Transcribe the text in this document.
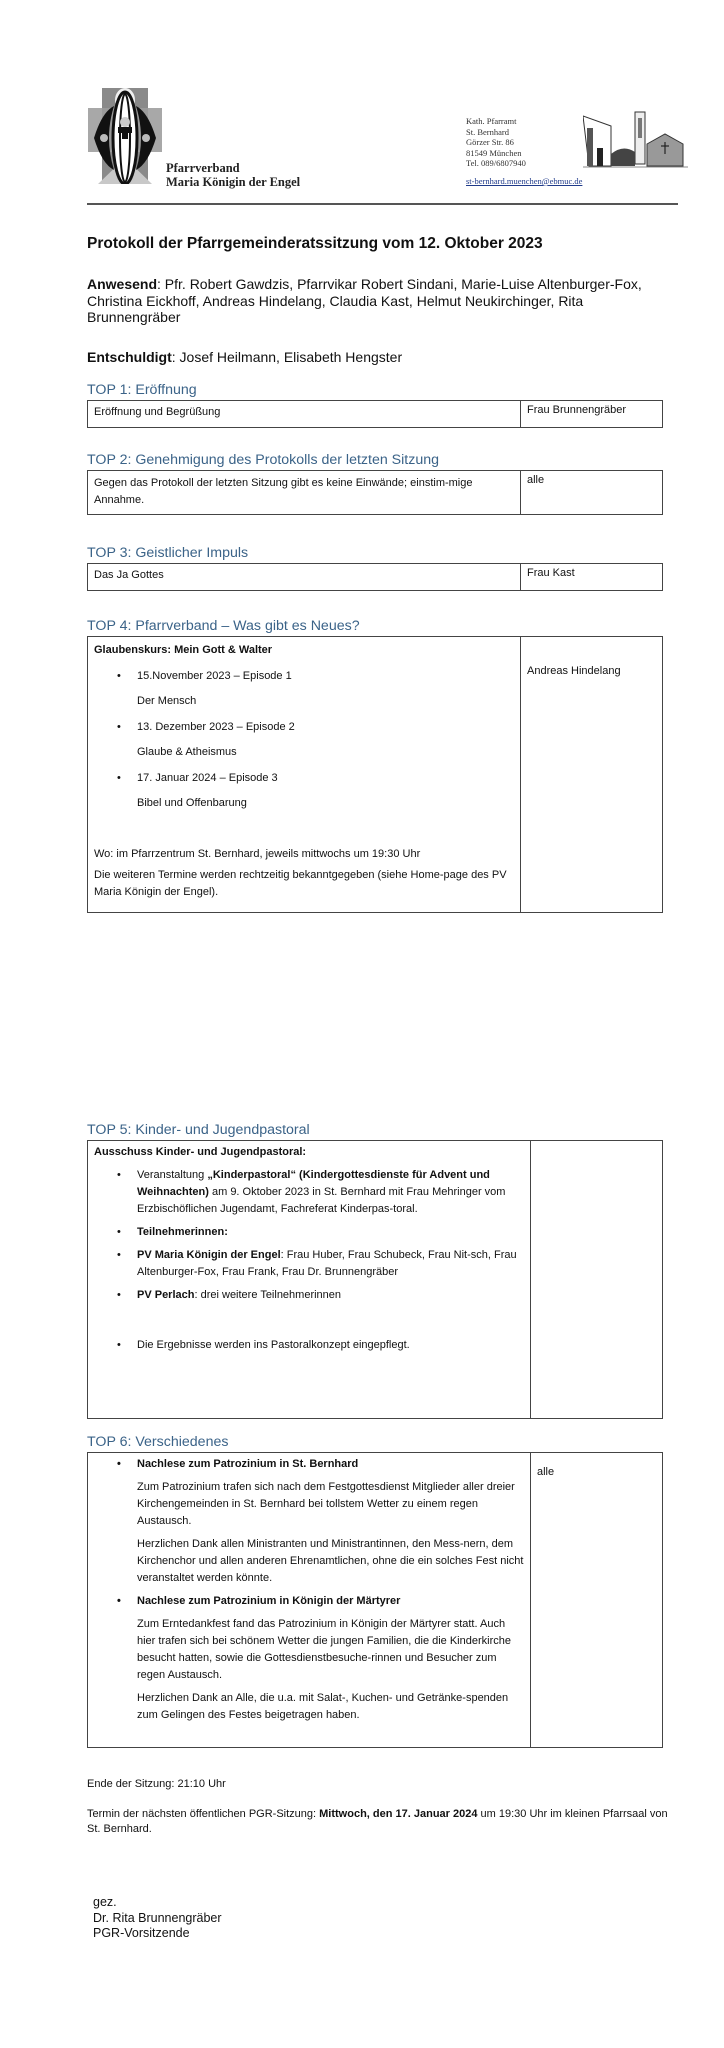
Pfarrverband
Maria Königin der Engel
Kath. Pfarramt
St. Bernhard
Görzer Str. 86
81549 München
Tel. 089/6807940
st-bernhard.muenchen@ebmuc.de
Protokoll der Pfarrgemeinderatssitzung vom 12. Oktober 2023
Anwesend: Pfr. Robert Gawdzis, Pfarrvikar Robert Sindani, Marie-Luise Altenburger-Fox, Christina Eickhoff, Andreas Hindelang, Claudia Kast, Helmut Neukirchinger, Rita Brunnengräber
Entschuldigt: Josef Heilmann, Elisabeth Hengster
TOP 1: Eröffnung
Eröffnung und Begrüßung	Frau Brunnengräber
TOP 2: Genehmigung des Protokolls der letzten Sitzung
Gegen das Protokoll der letzten Sitzung gibt es keine Einwände; einstim-mige Annahme.	alle
TOP 3: Geistlicher Impuls
Das Ja Gottes	Frau Kast
TOP 4: Pfarrverband – Was gibt es Neues?
Glaubenskurs: Mein Gott & Walter
• 15.November 2023 – Episode 1
Der Mensch
• 13. Dezember 2023 – Episode 2
Glaube & Atheismus
• 17. Januar 2024 – Episode 3
Bibel und Offenbarung
Wo: im Pfarrzentrum St. Bernhard, jeweils mittwochs um 19:30 Uhr
Die weiteren Termine werden rechtzeitig bekanntgegeben (siehe Home-page des PV Maria Königin der Engel).
	Andreas Hindelang
TOP 5: Kinder- und Jugendpastoral
Ausschuss Kinder- und Jugendpastoral:
• Veranstaltung „Kinderpastoral“ (Kindergottesdienste für Advent und Weihnachten) am 9. Oktober 2023 in St. Bernhard mit Frau Mehringer vom Erzbischöflichen Jugendamt, Fachreferat Kinderpas-toral.
• Teilnehmerinnen:
• PV Maria Königin der Engel: Frau Huber, Frau Schubeck, Frau Nit-sch, Frau Altenburger-Fox, Frau Frank, Frau Dr. Brunnengräber
• PV Perlach: drei weitere Teilnehmerinnen
• Die Ergebnisse werden ins Pastoralkonzept eingepflegt.

TOP 6: Verschiedenes
• Nachlese zum Patrozinium in St. Bernhard
Zum Patrozinium trafen sich nach dem Festgottesdienst Mitglieder aller dreier Kirchengemeinden in St. Bernhard bei tollstem Wetter zu einem regen Austausch.
Herzlichen Dank allen Ministranten und Ministrantinnen, den Mess-nern, dem Kirchenchor und allen anderen Ehrenamtlichen, ohne die ein solches Fest nicht veranstaltet werden könnte.
• Nachlese zum Patrozinium in Königin der Märtyrer
Zum Erntedankfest fand das Patrozinium in Königin der Märtyrer statt. Auch hier trafen sich bei schönem Wetter die jungen Familien, die die Kinderkirche besucht hatten, sowie die Gottesdienstbesuche-rinnen und Besucher zum regen Austausch.
Herzlichen Dank an Alle, die u.a. mit Salat-, Kuchen- und Getränke-spenden zum Gelingen des Festes beigetragen haben.
	alle
Ende der Sitzung: 21:10 Uhr
Termin der nächsten öffentlichen PGR-Sitzung: Mittwoch, den 17. Januar 2024 um 19:30 Uhr im kleinen Pfarrsaal von St. Bernhard.
gez.
Dr. Rita Brunnengräber
PGR-Vorsitzende
